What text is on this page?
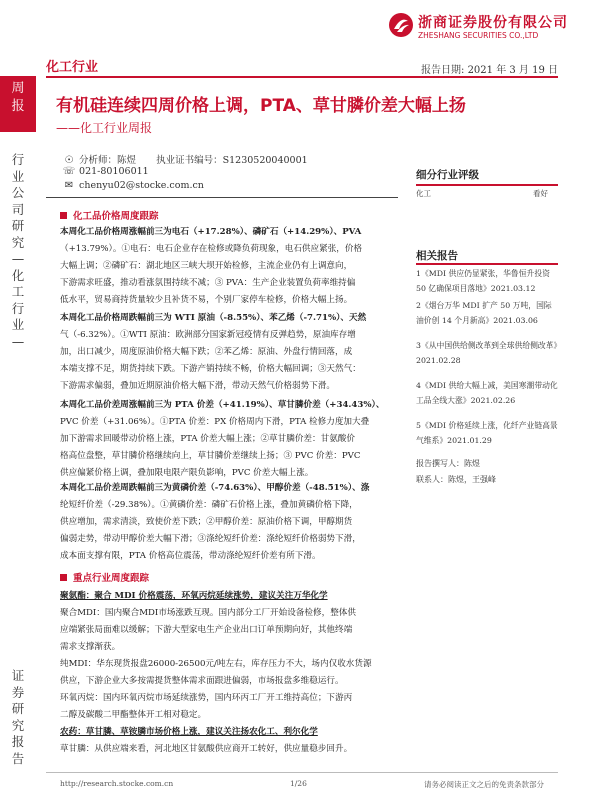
浙商证券股份有限公司
ZHESHANG SECURITIES CO.,LTD
化工行业	报告日期: 2021 年 3 月 19 日
周
报
行
业
公
司
研
究
—
化
工
行
业
—
证
券
研
究
报
告
有机硅连续四周价格上调，PTA、草甘膦价差大幅上扬
——化工行业周报
☉ 分析师：陈煜 执业证书编号：S1230520040001
☏ 021-80106011
✉ chenyu02@stocke.com.cn
细分行业评级
化工	看好
相关报告
1《MDI 供应仍显紧张，华鲁恒升投资 50 亿确保项目落地》2021.03.12
2《烟台万华 MDI 扩产 50 万吨，国际油价创 14 个月新高》2021.03.06
3《从中国供给侧改革到全球供给侧改革》2021.02.28
4《MDI 供给大幅上减，美国寒潮带动化工品全线大涨》2021.02.26
5《MDI 价格延续上涨，化纤产业链高景气维系》2021.01.29
报告撰写人：陈煜
联系人：陈煜，王强峰
化工品价格周度跟踪
本周化工品价格周涨幅前三为电石（+17.28%）、磷矿石（+14.29%）、PVA
（+13.79%）。①电石：电石企业存在检修或降负荷现象，电石供应紧张，价格
大幅上调；②磷矿石：湖北地区三峡大坝开始检修，主流企业仍有上调意向，
下游需求旺盛，推动看涨氛围持续不减；③ PVA：生产企业装置负荷率维持偏
低水平，贸易商持货量较少且补货不易，个别厂家停车检修，价格大幅上扬。
本周化工品价格周跌幅前三为 WTI 原油（-8.55%）、苯乙烯（-7.71%）、天然
气（-6.32%）。①WTI 原油：欧洲部分国家新冠疫情有反弹趋势，原油库存增
加，出口减少，周度原油价格大幅下跌；②苯乙烯：原油、外盘行情回落，成
本端支撑不足，期货持续下跌。下游产销持续不畅，价格大幅回调；③天然气：
下游需求偏弱，叠加近期原油价格大幅下滑，带动天然气价格弱势下滑。
本周化工品价差周涨幅前三为 PTA 价差（+41.19%）、草甘膦价差（+34.43%）、
PVC 价差（+31.06%）。①PTA 价差：PX 价格周内下滑，PTA 检修力度加大叠
加下游需求回暖带动价格上涨，PTA 价差大幅上涨；②草甘膦价差：甘氨酸价
格高位盘整，草甘膦价格继续向上，草甘膦价差继续上扬；③ PVC 价差：PVC
供应偏紧价格上调，叠加限电限产限负影响，PVC 价差大幅上涨。
本周化工品价差周跌幅前三为黄磷价差（-74.63%）、甲醇价差（-48.51%）、涤
纶短纤价差（-29.38%）。①黄磷价差：磷矿石价格上涨，叠加黄磷价格下降，
供应增加，需求清淡，致使价差下跌；②甲醇价差：原油价格下调，甲醇期货
偏弱走势，带动甲醇价差大幅下滑；③涤纶短纤价差：涤纶短纤价格弱势下滑，
成本面支撑有限，PTA 价格高位震荡，带动涤纶短纤价差有所下滑。
重点行业周度跟踪
聚氨酯：聚合 MDI 价格震荡，环氧丙烷延续涨势，建议关注万华化学
聚合MDI：国内聚合MDI市场涨跌互现。国内部分工厂开始设备检修，整体供
应端紧张局面难以缓解；下游大型家电生产企业出口订单预期向好，其他终端
需求支撑渐获。
纯MDI：华东现货报盘26000-26500元/吨左右，库存压力不大，场内仅收水货源
供应，下游企业大多按需提货整体需求面跟进偏弱，市场报盘多维稳运行。
环氧丙烷：国内环氧丙烷市场延续涨势，国内环丙工厂开工维持高位；下游丙
二醇及碳酸二甲酯整体开工相对稳定。
农药：草甘膦、草铵膦市场价格上涨，建议关注扬农化工、利尔化学
草甘膦：从供应端来看，河北地区甘氨酸供应商开工转好，供应量稳步回升。
http://research.stocke.com.cn	1/26	请务必阅读正文之后的免责条款部分
